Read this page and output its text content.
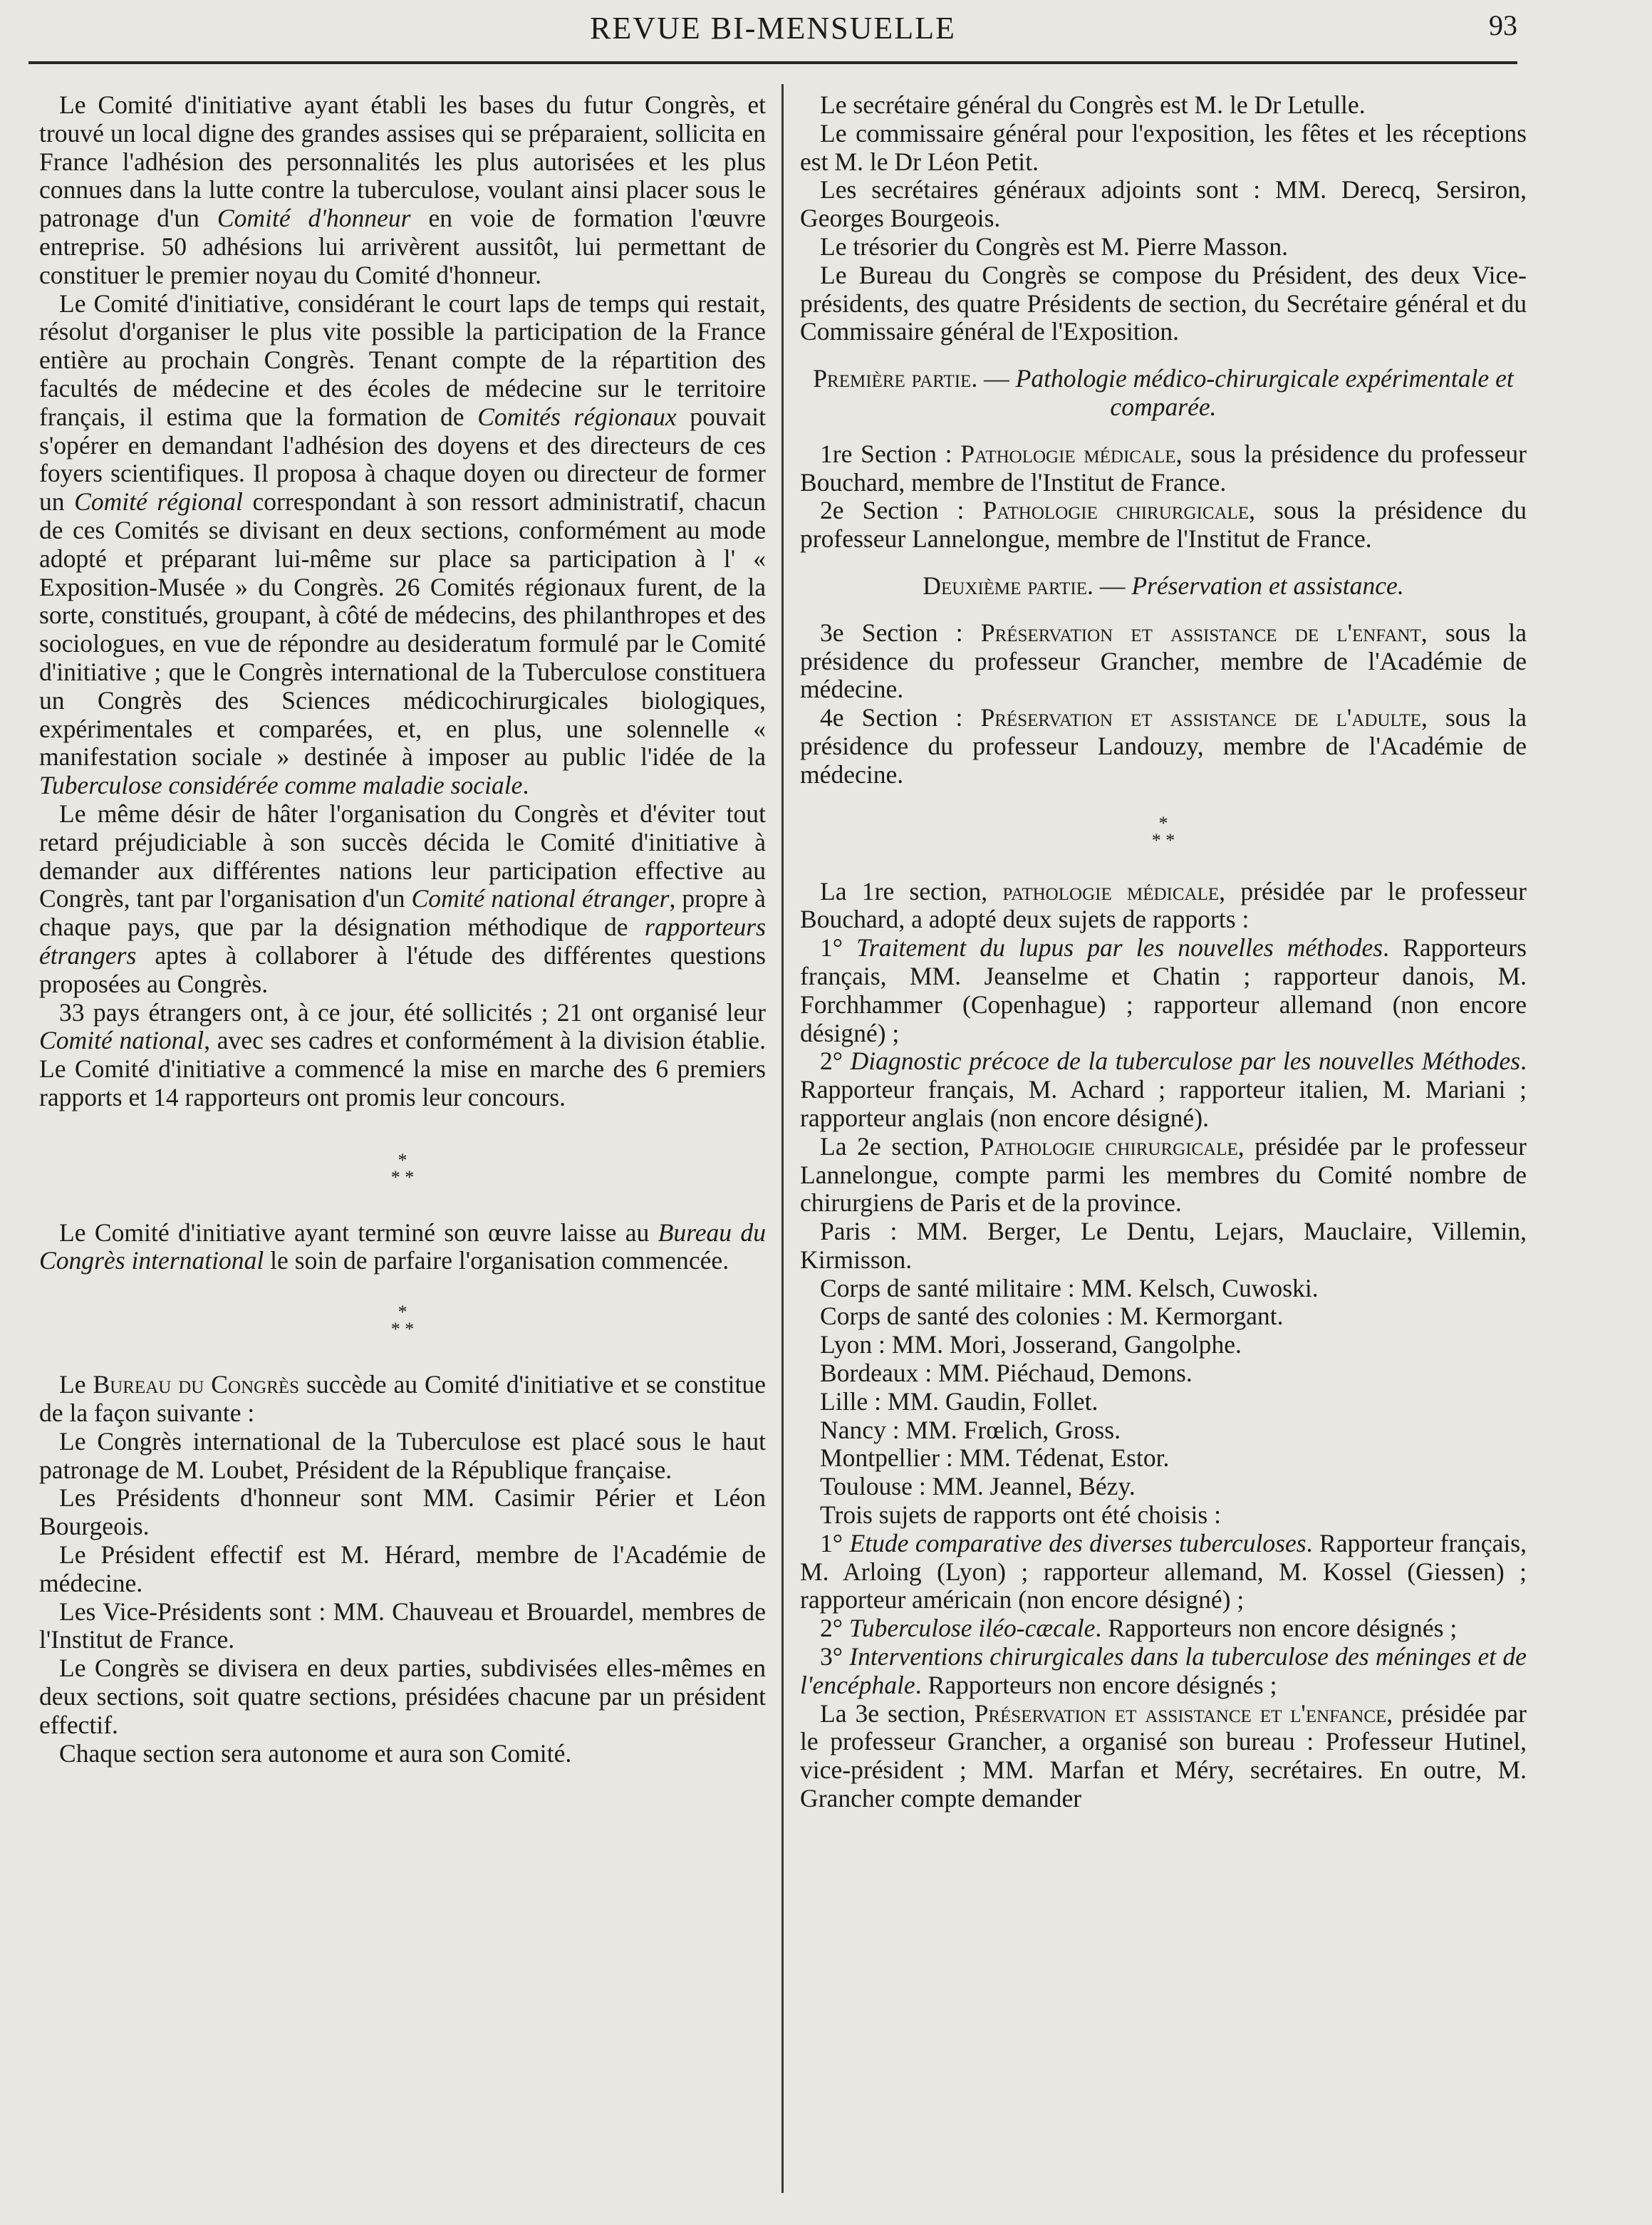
REVUE BI-MENSUELLE	93

Le Comité d'initiative ayant établi les bases du futur Congrès, et trouvé un local digne des grandes assises qui se préparaient, sollicita en France l'adhésion des personnalités les plus autorisées et les plus connues dans la lutte contre la tuberculose, voulant ainsi placer sous le patronage d'un Comité d'honneur en voie de formation l'œuvre entreprise. 50 adhésions lui arrivèrent aussitôt, lui permettant de constituer le premier noyau du Comité d'honneur.

Le Comité d'initiative, considérant le court laps de temps qui restait, résolut d'organiser le plus vite possible la participation de la France entière au prochain Congrès. Tenant compte de la répartition des facultés de médecine et des écoles de médecine sur le territoire français, il estima que la formation de Comités régionaux pouvait s'opérer en demandant l'adhésion des doyens et des directeurs de ces foyers scientifiques. Il proposa à chaque doyen ou directeur de former un Comité régional correspondant à son ressort administratif, chacun de ces Comités se divisant en deux sections, conformément au mode adopté et préparant lui-même sur place sa participation à l' « Exposition-Musée » du Congrès. 26 Comités régionaux furent, de la sorte, constitués, groupant, à côté de médecins, des philanthropes et des sociologues, en vue de répondre au desideratum formulé par le Comité d'initiative ; que le Congrès international de la Tuberculose constituera un Congrès des Sciences médicochirurgicales biologiques, expérimentales et comparées, et, en plus, une solennelle « manifestation sociale » destinée à imposer au public l'idée de la Tuberculose considérée comme maladie sociale.

Le même désir de hâter l'organisation du Congrès et d'éviter tout retard préjudiciable à son succès décida le Comité d'initiative à demander aux différentes nations leur participation effective au Congrès, tant par l'organisation d'un Comité national étranger, propre à chaque pays, que par la désignation méthodique de rapporteurs étrangers aptes à collaborer à l'étude des différentes questions proposées au Congrès.

33 pays étrangers ont, à ce jour, été sollicités ; 21 ont organisé leur Comité national, avec ses cadres et conformément à la division établie. Le Comité d'initiative a commencé la mise en marche des 6 premiers rapports et 14 rapporteurs ont promis leur concours.

*
* *

Le Comité d'initiative ayant terminé son œuvre laisse au Bureau du Congrès international le soin de parfaire l'organisation commencée.

*
* *

Le Bureau du Congrès succède au Comité d'initiative et se constitue de la façon suivante :

Le Congrès international de la Tuberculose est placé sous le haut patronage de M. Loubet, Président de la République française.

Les Présidents d'honneur sont MM. Casimir Périer et Léon Bourgeois.

Le Président effectif est M. Hérard, membre de l'Académie de médecine.

Les Vice-Présidents sont : MM. Chauveau et Brouardel, membres de l'Institut de France.

Le Congrès se divisera en deux parties, subdivisées elles-mêmes en deux sections, soit quatre sections, présidées chacune par un président effectif.

Chaque section sera autonome et aura son Comité.

Le secrétaire général du Congrès est M. le Dr Letulle.

Le commissaire général pour l'exposition, les fêtes et les réceptions est M. le Dr Léon Petit.

Les secrétaires généraux adjoints sont : MM. Derecq, Sersiron, Georges Bourgeois.

Le trésorier du Congrès est M. Pierre Masson.

Le Bureau du Congrès se compose du Président, des deux Vice-présidents, des quatre Présidents de section, du Secrétaire général et du Commissaire général de l'Exposition.

Première partie. — Pathologie médico-chirurgicale expérimentale et comparée.

1re Section : Pathologie médicale, sous la présidence du professeur Bouchard, membre de l'Institut de France.

2e Section : Pathologie chirurgicale, sous la présidence du professeur Lannelongue, membre de l'Institut de France.

Deuxième partie. — Préservation et assistance.

3e Section : Préservation et assistance de l'enfant, sous la présidence du professeur Grancher, membre de l'Académie de médecine.

4e Section : Préservation et assistance de l'adulte, sous la présidence du professeur Landouzy, membre de l'Académie de médecine.

*
* *

La 1re section, pathologie médicale, présidée par le professeur Bouchard, a adopté deux sujets de rapports :

1° Traitement du lupus par les nouvelles méthodes. Rapporteurs français, MM. Jeanselme et Chatin ; rapporteur danois, M. Forchhammer (Copenhague) ; rapporteur allemand (non encore désigné) ;

2° Diagnostic précoce de la tuberculose par les nouvelles Méthodes. Rapporteur français, M. Achard ; rapporteur italien, M. Mariani ; rapporteur anglais (non encore désigné).

La 2e section, Pathologie chirurgicale, présidée par le professeur Lannelongue, compte parmi les membres du Comité nombre de chirurgiens de Paris et de la province.

Paris : MM. Berger, Le Dentu, Lejars, Mauclaire, Villemin, Kirmisson.

Corps de santé militaire : MM. Kelsch, Cuwoski.

Corps de santé des colonies : M. Kermorgant.

Lyon : MM. Mori, Josserand, Gangolphe.

Bordeaux : MM. Piéchaud, Demons.

Lille : MM. Gaudin, Follet.

Nancy : MM. Frœlich, Gross.

Montpellier : MM. Tédenat, Estor.

Toulouse : MM. Jeannel, Bézy.

Trois sujets de rapports ont été choisis :

1° Etude comparative des diverses tuberculoses. Rapporteur français, M. Arloing (Lyon) ; rapporteur allemand, M. Kossel (Giessen) ; rapporteur américain (non encore désigné) ;

2° Tuberculose iléo-cæcale. Rapporteurs non encore désignés ;

3° Interventions chirurgicales dans la tuberculose des méninges et de l'encéphale. Rapporteurs non encore désignés ;

La 3e section, Préservation et assistance et l'enfance, présidée par le professeur Grancher, a organisé son bureau : Professeur Hutinel, vice-président ; MM. Marfan et Méry, secrétaires. En outre, M. Grancher compte demander
